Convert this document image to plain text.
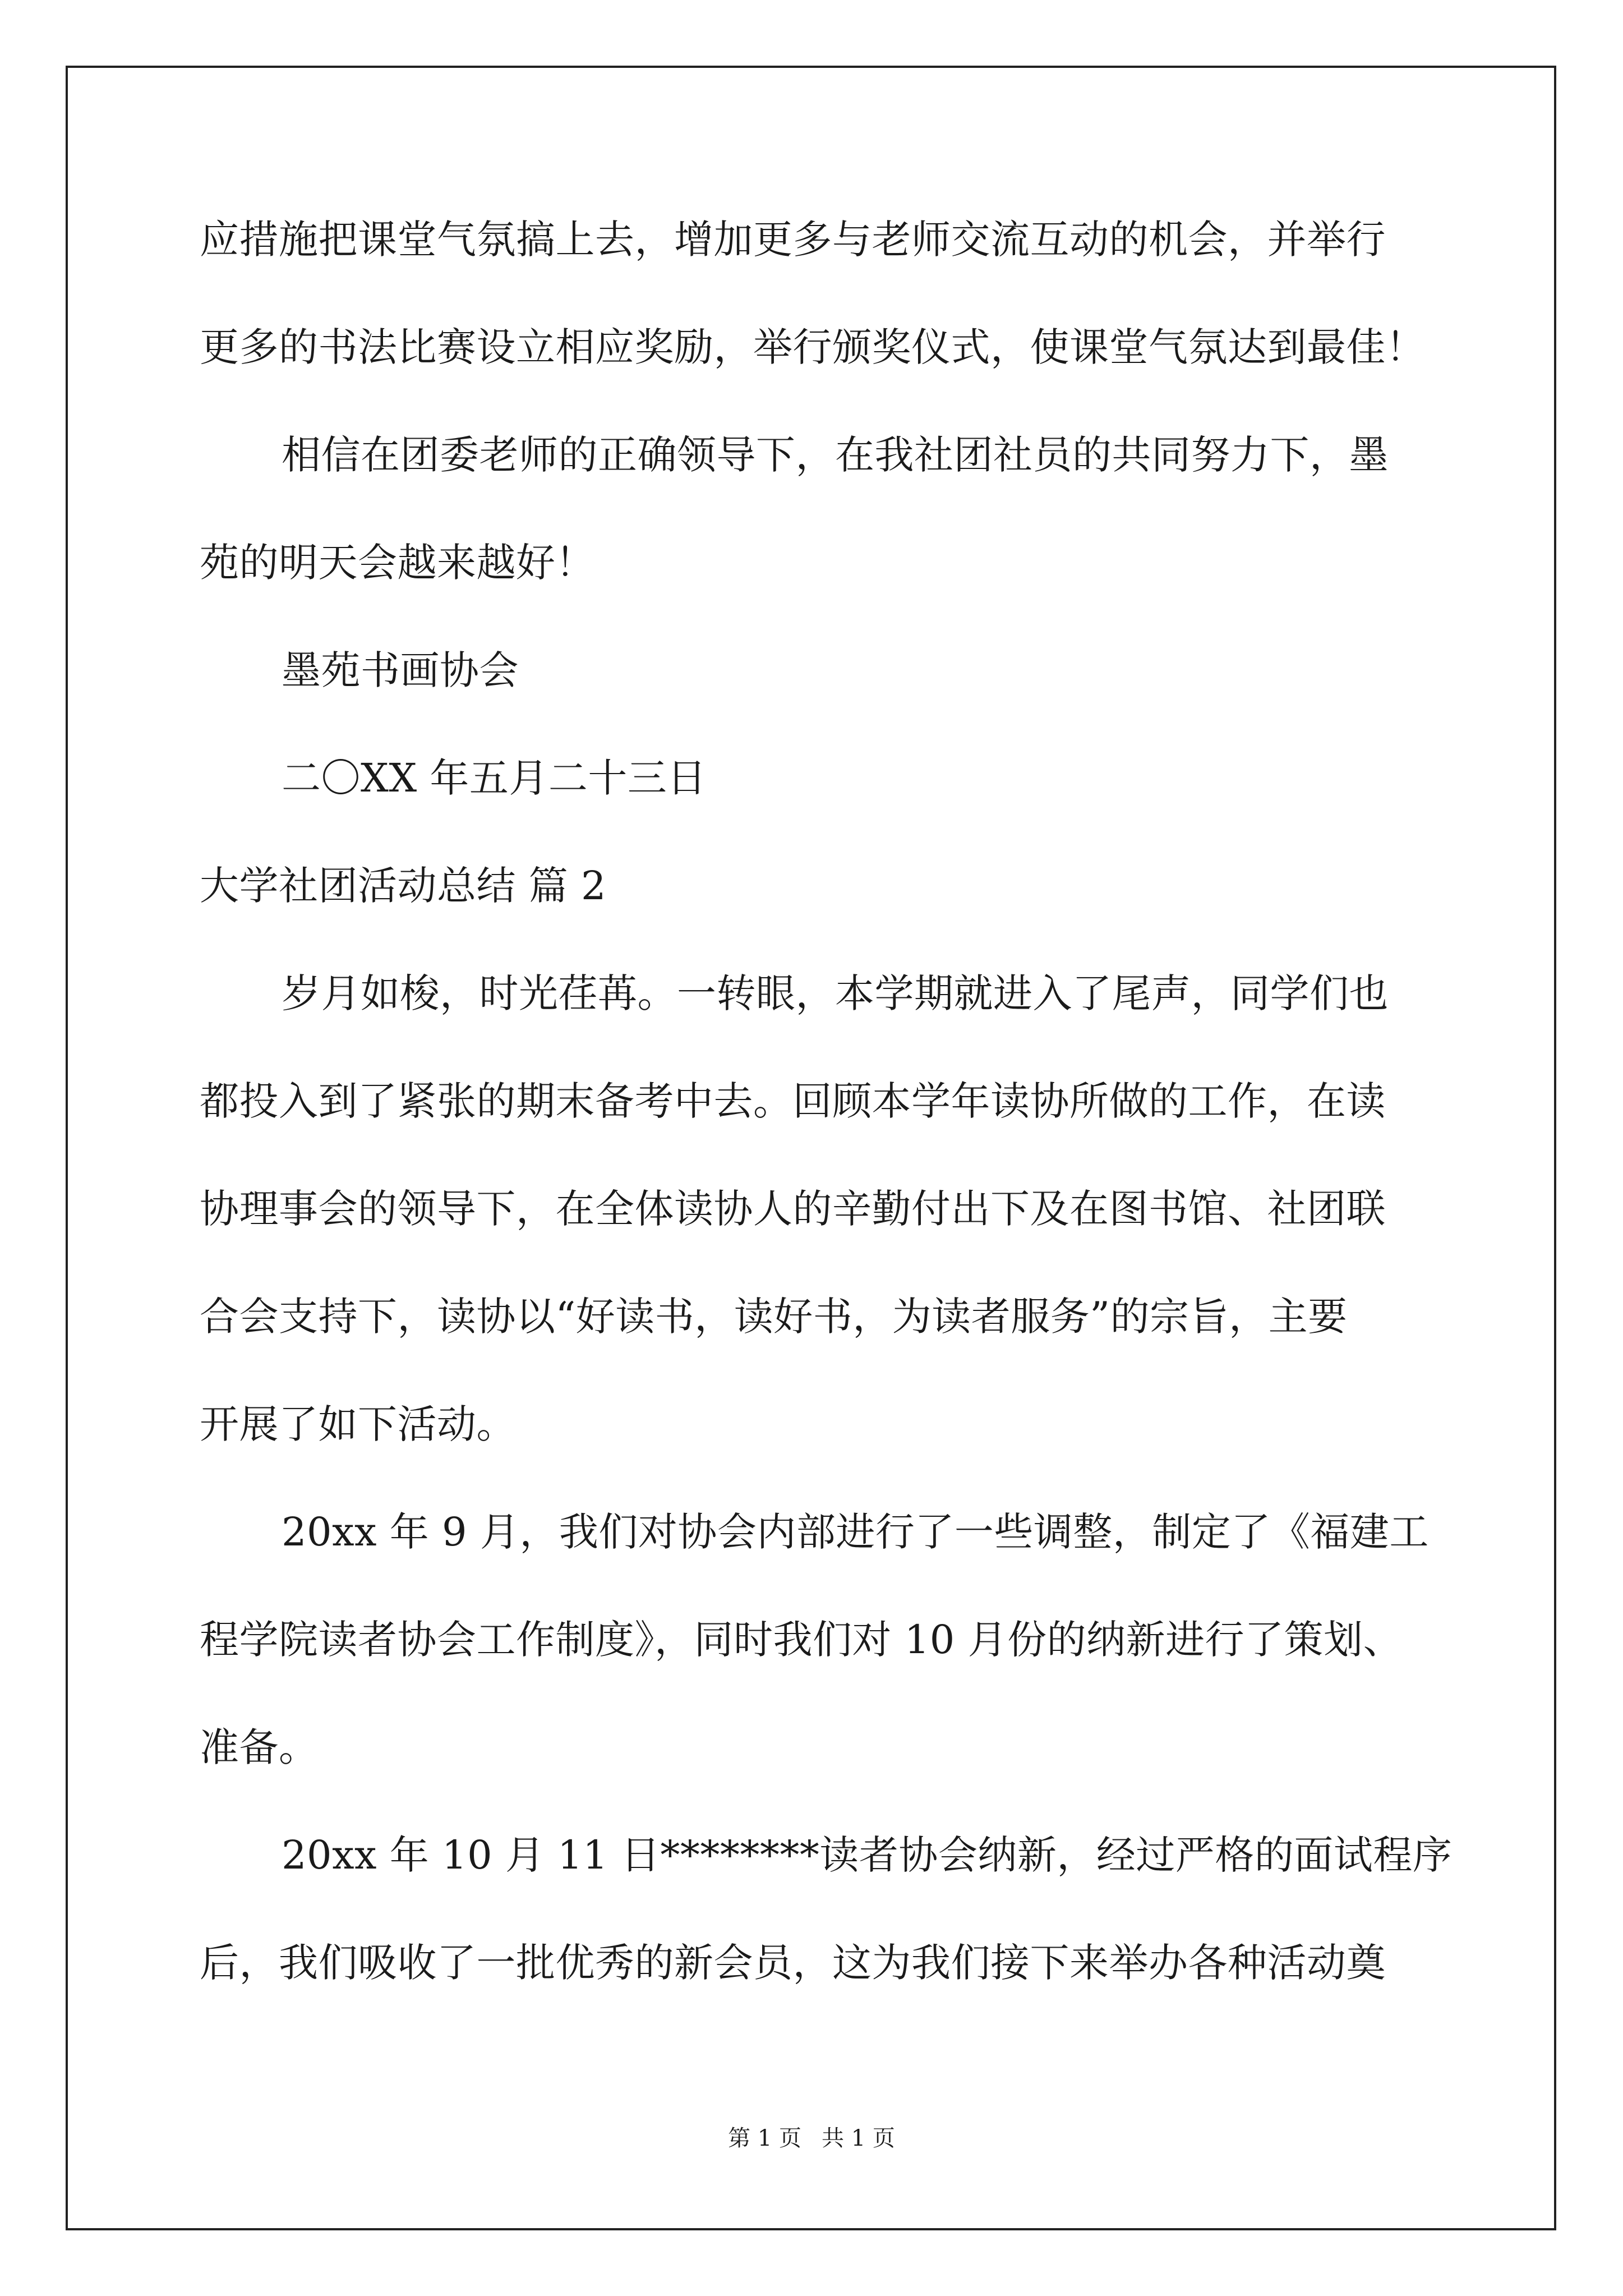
应措施把课堂气氛搞上去，增加更多与老师交流互动的机会，并举行
更多的书法比赛设立相应奖励，举行颁奖仪式，使课堂气氛达到最佳！
相信在团委老师的正确领导下，在我社团社员的共同努力下，墨
苑的明天会越来越好！
墨苑书画协会
二〇XX 年五月二十三日
大学社团活动总结 篇 2
岁月如梭，时光荏苒。一转眼，本学期就进入了尾声，同学们也
都投入到了紧张的期末备考中去。回顾本学年读协所做的工作，在读
协理事会的领导下，在全体读协人的辛勤付出下及在图书馆、社团联
合会支持下，读协以“好读书，读好书，为读者服务”的宗旨，主要
开展了如下活动。
20xx 年 9 月，我们对协会内部进行了一些调整，制定了《福建工
程学院读者协会工作制度》，同时我们对 10 月份的纳新进行了策划、
准备。
20xx 年 10 月 11 日********读者协会纳新，经过严格的面试程序
后，我们吸收了一批优秀的新会员，这为我们接下来举办各种活动奠
第 1 页 共 1 页
